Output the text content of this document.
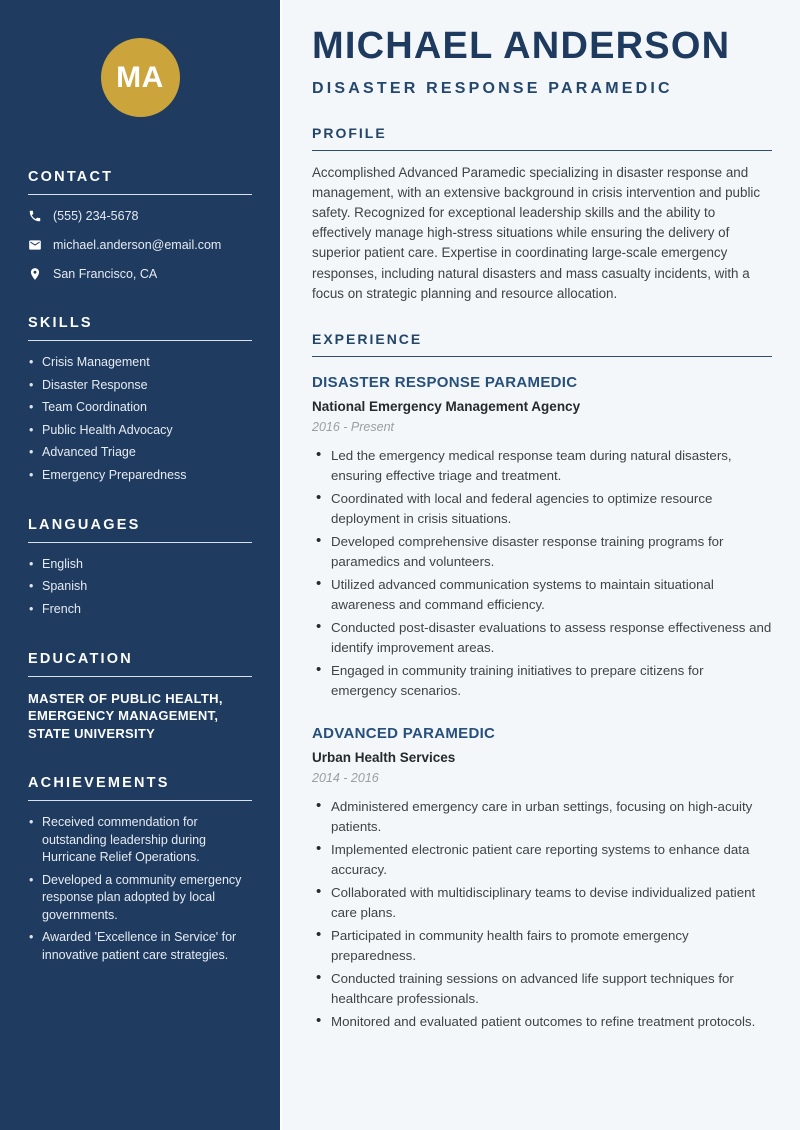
MA
CONTACT
(555) 234-5678
michael.anderson@email.com
San Francisco, CA
SKILLS
• Crisis Management
• Disaster Response
• Team Coordination
• Public Health Advocacy
• Advanced Triage
• Emergency Preparedness
LANGUAGES
• English
• Spanish
• French
EDUCATION

MASTER OF PUBLIC HEALTH, EMERGENCY MANAGEMENT, STATE UNIVERSITY

ACHIEVEMENTS
• Received commendation for outstanding leadership during Hurricane Relief Operations.
• Developed a community emergency response plan adopted by local governments.
• Awarded 'Excellence in Service' for innovative patient care strategies.
MICHAEL ANDERSON
DISASTER RESPONSE PARAMEDIC
PROFILE

Accomplished Advanced Paramedic specializing in disaster response and management, with an extensive background in crisis intervention and public safety. Recognized for exceptional leadership skills and the ability to effectively manage high-stress situations while ensuring the delivery of superior patient care. Expertise in coordinating large-scale emergency responses, including natural disasters and mass casualty incidents, with a focus on strategic planning and resource allocation.

EXPERIENCE
DISASTER RESPONSE PARAMEDIC
National Emergency Management Agency
2016 - Present
• Led the emergency medical response team during natural disasters, ensuring effective triage and treatment.
• Coordinated with local and federal agencies to optimize resource deployment in crisis situations.
• Developed comprehensive disaster response training programs for paramedics and volunteers.
• Utilized advanced communication systems to maintain situational awareness and command efficiency.
• Conducted post-disaster evaluations to assess response effectiveness and identify improvement areas.
• Engaged in community training initiatives to prepare citizens for emergency scenarios.
ADVANCED PARAMEDIC
Urban Health Services
2014 - 2016
• Administered emergency care in urban settings, focusing on high-acuity patients.
• Implemented electronic patient care reporting systems to enhance data accuracy.
• Collaborated with multidisciplinary teams to devise individualized patient care plans.
• Participated in community health fairs to promote emergency preparedness.
• Conducted training sessions on advanced life support techniques for healthcare professionals.
• Monitored and evaluated patient outcomes to refine treatment protocols.
